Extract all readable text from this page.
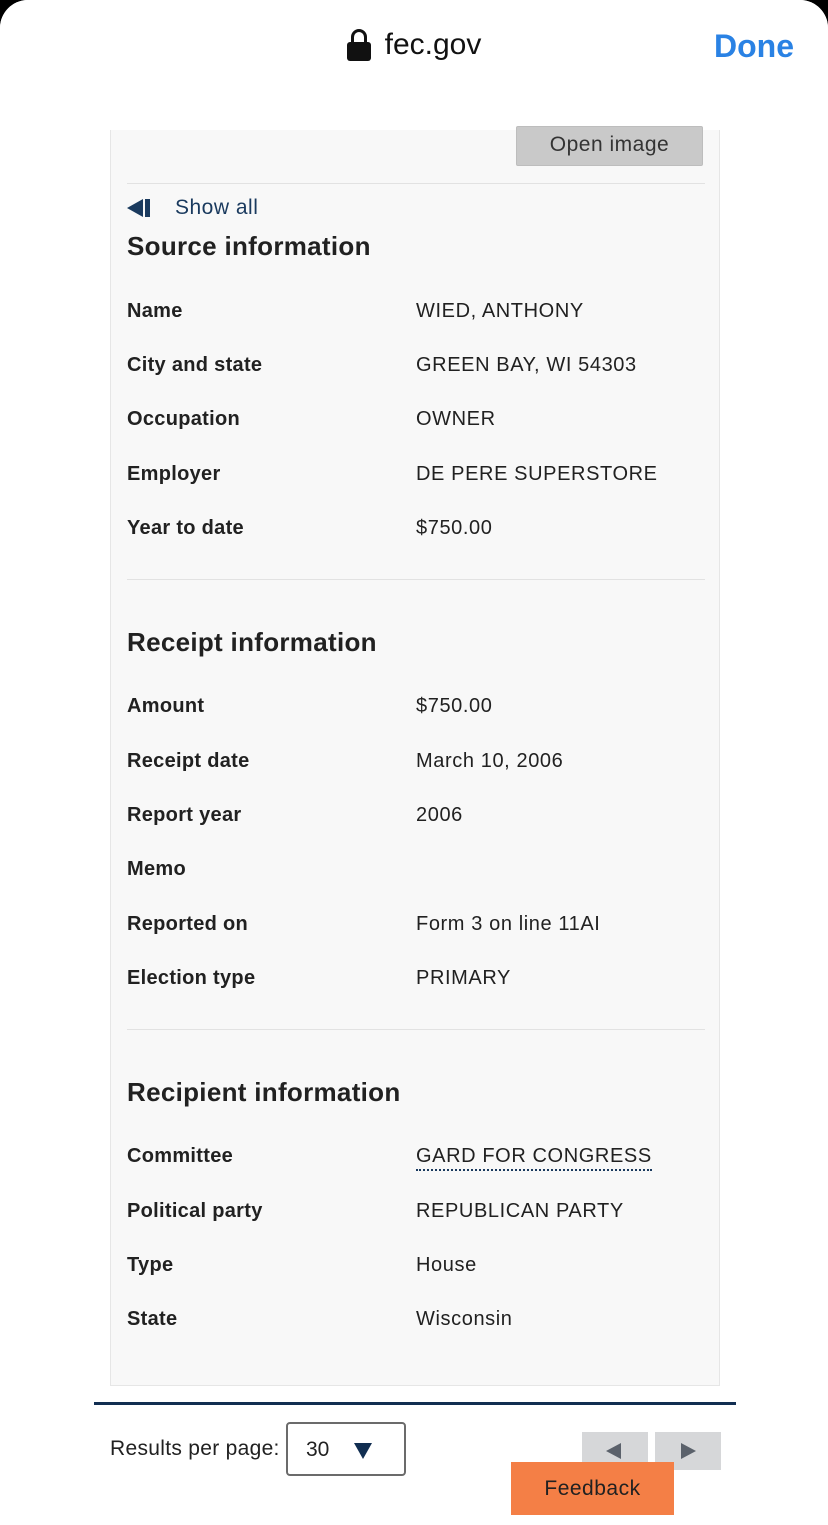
fec.gov	Done
Open image
Show all
Source information
Name	WIED, ANTHONY
City and state	GREEN BAY, WI 54303
Occupation	OWNER
Employer	DE PERE SUPERSTORE
Year to date	$750.00
Receipt information
Amount	$750.00
Receipt date	March 10, 2006
Report year	2006
Memo
Reported on	Form 3 on line 11AI
Election type	PRIMARY
Recipient information
Committee	GARD FOR CONGRESS
Political party	REPUBLICAN PARTY
Type	House
State	Wisconsin
Results per page: 30
Feedback
